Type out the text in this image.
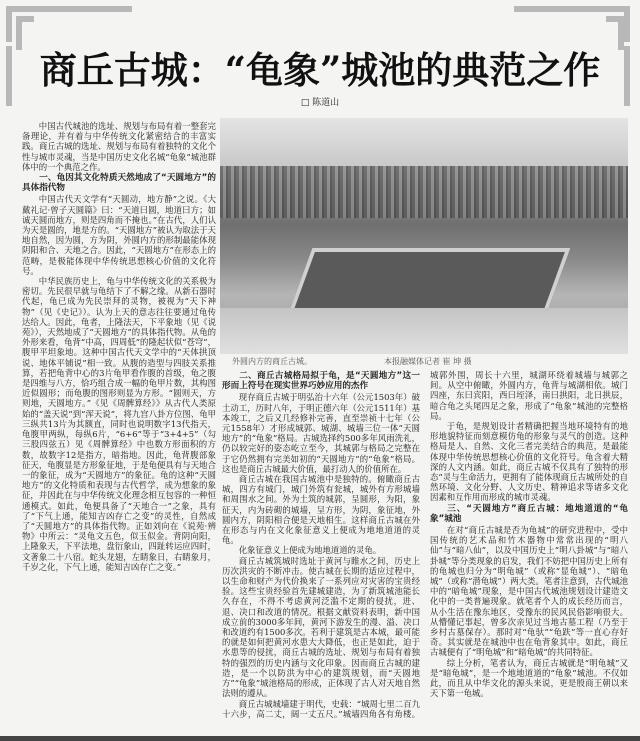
商丘古城：“龟象”城池的典范之作
□ 陈道山

中国古代城池的选址、规划与布局有着一整套完备理论，并有着与中华传统文化紧密结合的丰富实践。商丘古城的选址、规划与布局有着独特的文化个性与城市灵魂，当是中国历史文化名城“龟象”城池群体中的一个典范之作。

一、龟因其文化特质天然地成了“天圆地方”的具体指代物

中国古代天文学有“天圆动，地方静”之说。《大戴礼记·曾子天圆篇》曰：“天道曰圆，地道曰方；如诚天圆而地方，则是四角而不掩也。”在古代，人们认为天是圆的，地是方的。“天圆地方”被认为取法于天地自然，因为圆，方为阴，外圆内方的形制最能体现阴阳和合、天地之合。因此，“天圆地方”在形态上的范畴，是极能体现中华传统思想核心价值的文化符号。

中华民族历史上，龟与中华传统文化的关系极为密切。先民很早就与龟结下了不解之缘。从新石器时代起，龟已成为先民崇拜的灵物，被视为“天下神物”（见《史记》）。认为上天的意志往往要通过龟传达给人。因此，龟者，上隆法天，下平象地（见《说苑》），天然地成了“天圆地方”的具体指代物。从龟的外形来看，龟背“中高，四周低”的隆起状似“苍穹”，腹甲平坦象地。这种中国古代天文学中的“天体拱顶说、地体平铺说”相一致。从腹的造型与四肢关系推算，若把龟背中心的3片龟甲看作腹的首级，龟之腹是四维与八方，恰巧组合成一幅的龟甲片数，其构图近似圆形；而龟腹的图形则显为方形。“圆则天，方则地，天圆地方。”《见《周髀算经》》从古代人类原始的“盖天说”到“浑天说”，将九宫八卦方位图、龟甲三纵共13片为其额直，同时也说明数字13代指天，龟腹甲两纵，每纵6片，“6+6”等于“3+4+5”（勾三股四弦五）见《周髀算经》中也数方形面积的方数，故数字12是指方，暗指地。因此，龟背腹部象征天，龟腹显是方形象征地，于是龟便具有与天地合一的象征，成为“天圆地方”的象征。龟的这种“天圆地方”的文化特质和表现与古代哲学，成为想象的象征，并因此在与中华传统文化理念相互包容的一种恒通模式。如此，龟便具备了“天地合一”之象，具有了“下气上通，能知吉凶存亡之变”的灵性，自然成了“天圆地方”的具体指代物。正如刘向在《说苑·辨物》中所云：“灵龟文五色，似玉似金。背阴向阳，上隆象天，下平法地，盘衍象山，四趾转运应四时，文著象二十八宿。蛇头龙翅，左睛象日，右睛象月，千岁之化，下气上通，能知吉凶存亡之变。”

外圆内方的商丘古城。	本报融媒体记者 崔 坤 摄
二、商丘古城格局拟于龟，是“天圆地方”这一形而上符号在现实世界巧妙应用的杰作

现存商丘古城于明弘治十六年（公元1503年）破土动工，历时八年，于明正德六年（公元1511年）基本竣工，之后又几经修补完善，直至崇祯十七年（公元1558年）才形成城郭、城湖、城墙三位一体“天圆地方”的“龟象”格局。古城选择约500多年风雨洗礼，仍以较完好的姿态屹立至今，其城郭与格局之完整在于它仍然拥有完美如初的“天圆地方”的“龟象”格局。这也是商丘古城最大价值，最打动人的价值所在。

商丘古城在我国古城池中是独特的。俯瞰商丘古城，四方有城门，城门外筑有瓮城，城外有方形城墙和周围水之间。外为土筑的城郭，呈圆形，为阳，象征天，内为砖砌的城墙，呈方形，为阴，象征地，外圆内方，阴阳相合便是天地相生。这样商丘古城在外在形态与内在文化象征意义上便成为地地道道的灵龟。

化象征意义上便成为地地道道的灵龟。

商丘古城筑城时选址于黄河与睢水之间，历史上历次洪灾的不断冲击。使古城在长期的适应过程中，以生命和财产为代价换来了一系列应对灾害的宝贵经验。这些宝贵经验首先建城建造，为了新筑城池能长久存在，不得不考虑黄河泛滥不定期的侵扰，进、退、决口和改道的情况。根据文献资料表明，新中国成立前的3000多年间，黄河下游发生的漫、溢、决口和改道约有1500多次。若利于建筑是古本城，最可能的就是如何把黄河水患大大降低，也正是如此，迫于水患等的侵扰，商丘古城的选址、规划与布局有着独特的强烈的历史内涵与文化印象。因而商丘古城的建造，是一个以防洪为中心的建筑规划，而“天圆地方”“龟象”城池格局的形成，正体现了古人对天地自然法则的遵从。

商丘古城城墙建于明代，史载：“城周七里二百九十六步，高二丈，阔一丈五尺。”城墙四角各有角楼。城郭外围，周长十六里，城湖环绕着城墙与城郭之间。从空中俯瞰，外圆内方，龟背与城湖相依。城门四座，东曰宾阳，西曰垤泽，南曰拱阳，北曰拱辰，暗合龟之头尾四足之象，形成了“龟象”城池的完整格局。

于龟，是规划设计者精确把握当地环境特有的地形地貌特征而刻意模仿龟的形象与灵气的创造。这种格局是人、自然、文化三者完美结合的典范，是最能体现中华传统思想核心价值的文化符号。龟含着大精深的人文内涵。如此，商丘古城不仅具有了独特的形态“灵与生命活力，更拥有了能体现商丘古城所处的自然环境、文化分野、人文历史、精神追求等诸多文化因素和互作用而形成的城市灵魂。

三、“天圆地方”商丘古城：地地道道的“龟象”城池

在对“商丘古城是否为龟城”的研究进程中，受中国传统的艺术品和竹木器物中常常出现的“明八仙”与“暗八仙”，以及中国历史上“明八卦城”与“暗八卦城”等分类现象的启发，我们不妨把中国历史上所有的龟城也归分为“明龟城”（或称“显龟城”）、“暗龟城”（或称“潜龟城”）两大类。笔者注意到，古代城池中的“暗龟城”现象，是中国古代城池规划设计建造文化中的一类普遍现象。就笔者个人的成长经历而言，从小生活在豫东地区，受豫东的民风民俗影响很大。从懵懂记事起，曾多次亲见过当地古墓工程（乃至于乡村古墓保存）。那时对“龟驮”“龟趺”等一直心存好奇。其实就是在城池中也在龟背象其中。如此，商丘古城便有了“明龟城”和“暗龟城”的共同特征。

综上分析，笔者认为，商丘古城就是“明龟城”又是“暗龟城”，是一个地地道道的“龟象”城池。不仅如此，而且从中华文化的源头来说，更是殷商王朝以来天下第一龟城。
